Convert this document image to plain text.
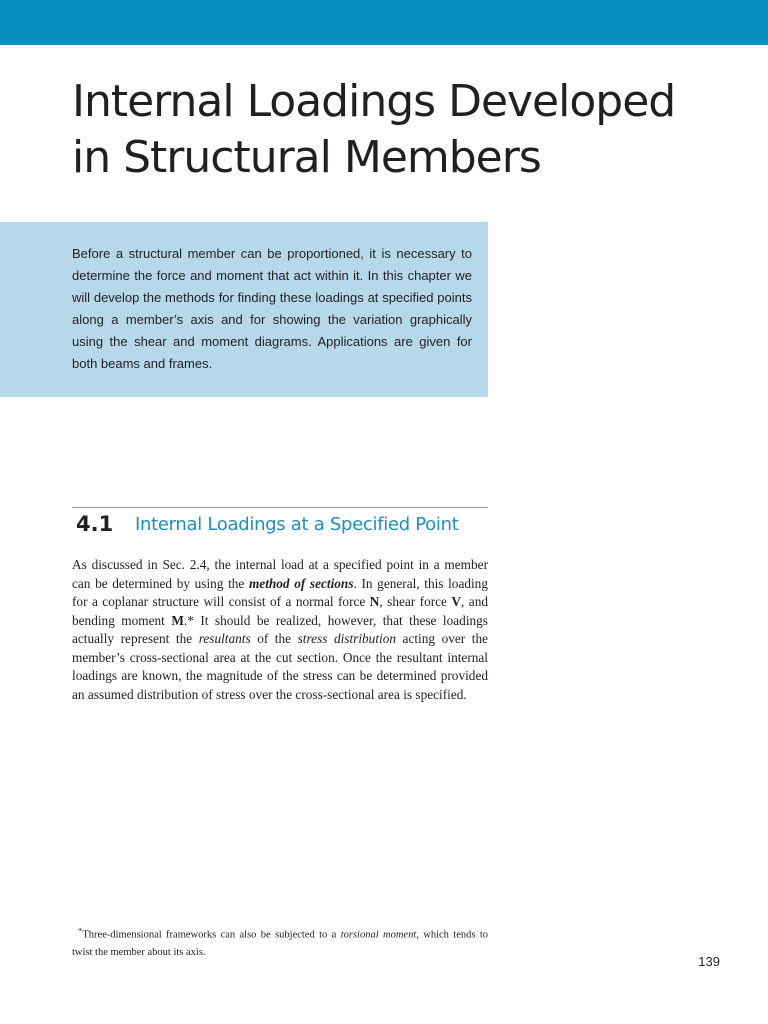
Internal Loadings Developed
in Structural Members

Before a structural member can be proportioned, it is necessary to determine the force and moment that act within it. In this chapter we will develop the methods for finding these loadings at specified points along a member’s axis and for showing the variation graphically using the shear and moment diagrams. Applications are given for both beams and frames.

4.1 Internal Loadings at a Specified Point

As discussed in Sec. 2.4, the internal load at a specified point in a member can be determined by using the method of sections. In general, this loading for a coplanar structure will consist of a normal force N, shear force V, and bending moment M.* It should be realized, however, that these loadings actually represent the resultants of the stress distribution acting over the member’s cross-sectional area at the cut section. Once the resultant internal loadings are known, the magnitude of the stress can be determined provided an assumed distribution of stress over the cross-sectional area is specified.

*Three-dimensional frameworks can also be subjected to a torsional moment, which tends to twist the member about its axis.

139
